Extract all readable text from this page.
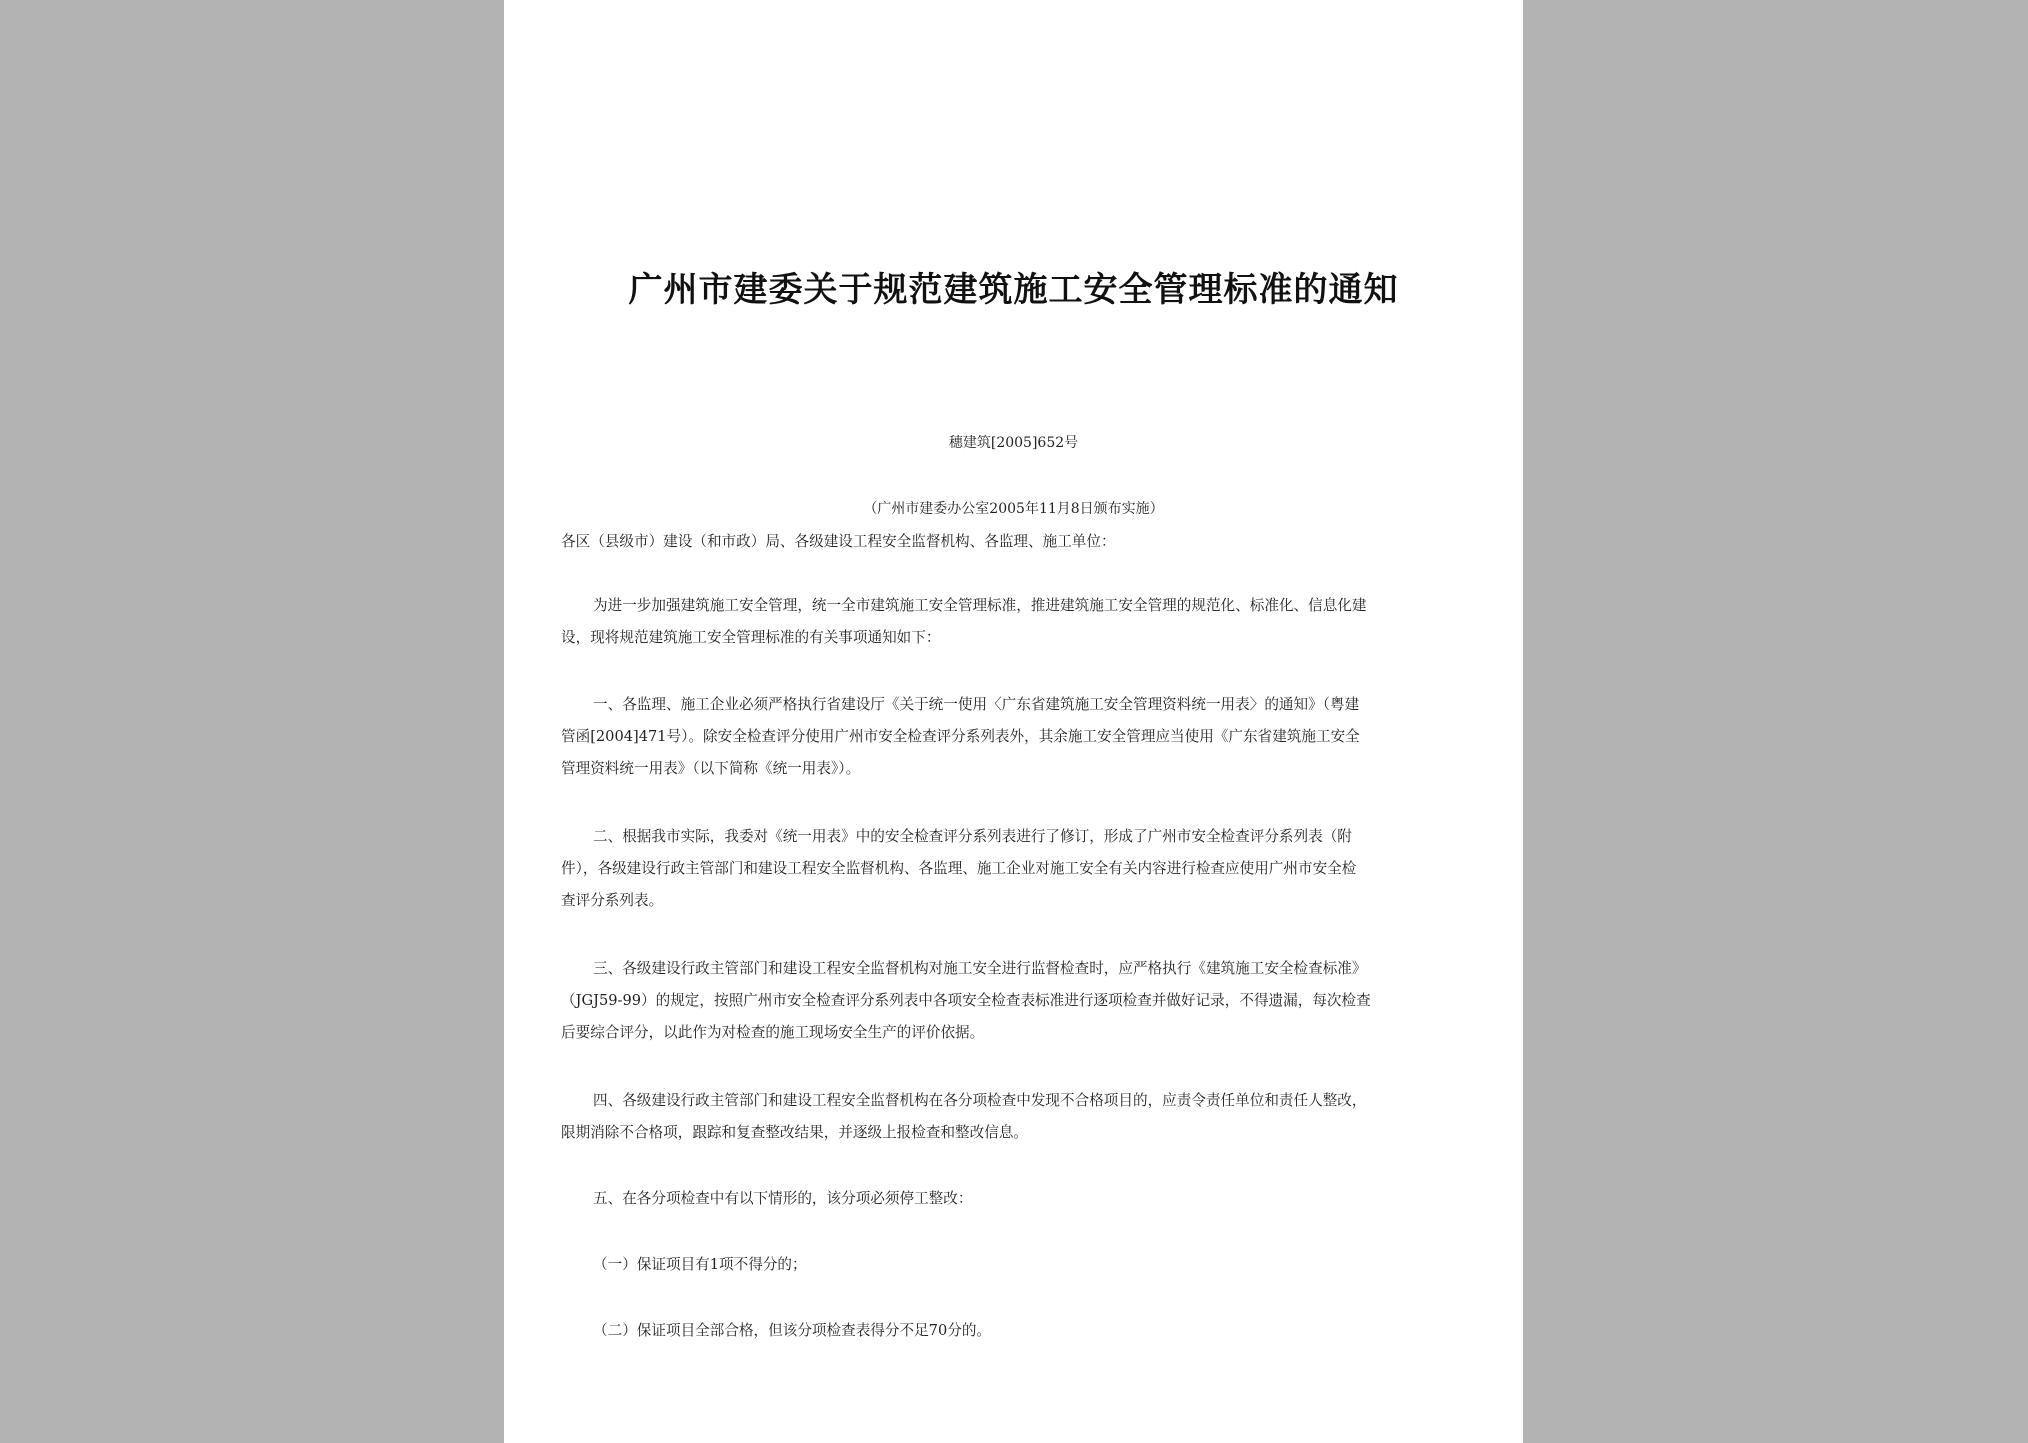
广州市建委关于规范建筑施工安全管理标准的通知
穗建筑[2005]652号
（广州市建委办公室2005年11月8日颁布实施）
各区（县级市）建设（和市政）局、各级建设工程安全监督机构、各监理、施工单位：
为进一步加强建筑施工安全管理，统一全市建筑施工安全管理标准，推进建筑施工安全管理的规范化、标准化、信息化建
设，现将规范建筑施工安全管理标准的有关事项通知如下：
一、各监理、施工企业必须严格执行省建设厅《关于统一使用〈广东省建筑施工安全管理资料统一用表〉的通知》（粤建
管函[2004]471号）。除安全检查评分使用广州市安全检查评分系列表外，其余施工安全管理应当使用《广东省建筑施工安全
管理资料统一用表》（以下简称《统一用表》）。
二、根据我市实际，我委对《统一用表》中的安全检查评分系列表进行了修订，形成了广州市安全检查评分系列表（附
件），各级建设行政主管部门和建设工程安全监督机构、各监理、施工企业对施工安全有关内容进行检查应使用广州市安全检
查评分系列表。
三、各级建设行政主管部门和建设工程安全监督机构对施工安全进行监督检查时，应严格执行《建筑施工安全检查标准》
（JGJ59-99）的规定，按照广州市安全检查评分系列表中各项安全检查表标准进行逐项检查并做好记录，不得遗漏，每次检查
后要综合评分，以此作为对检查的施工现场安全生产的评价依据。
四、各级建设行政主管部门和建设工程安全监督机构在各分项检查中发现不合格项目的，应责令责任单位和责任人整改，
限期消除不合格项，跟踪和复查整改结果，并逐级上报检查和整改信息。
五、在各分项检查中有以下情形的，该分项必须停工整改：
（一）保证项目有1项不得分的；
（二）保证项目全部合格，但该分项检查表得分不足70分的。
